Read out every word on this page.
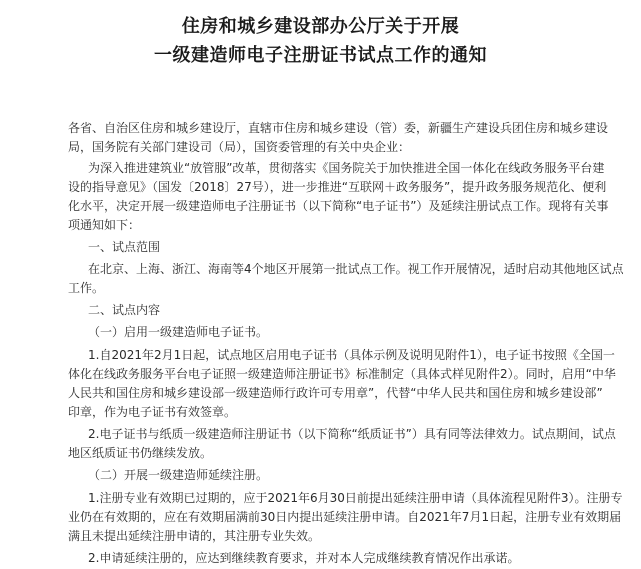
住房和城乡建设部办公厅关于开展
一级建造师电子注册证书试点工作的通知
各省、自治区住房和城乡建设厅，直辖市住房和城乡建设（管）委，新疆生产建设兵团住房和城乡建设
局，国务院有关部门建设司（局），国资委管理的有关中央企业：
为深入推进建筑业“放管服”改革，贯彻落实《国务院关于加快推进全国一体化在线政务服务平台建
设的指导意见》（国发〔2018〕27号），进一步推进“互联网＋政务服务”，提升政务服务规范化、便利
化水平，决定开展一级建造师电子注册证书（以下简称“电子证书”）及延续注册试点工作。现将有关事
项通知如下：
一、试点范围
在北京、上海、浙江、海南等4个地区开展第一批试点工作。视工作开展情况，适时启动其他地区试点
工作。
二、试点内容
（一）启用一级建造师电子证书。
1.自2021年2月1日起，试点地区启用电子证书（具体示例及说明见附件1），电子证书按照《全国一
体化在线政务服务平台电子证照一级建造师注册证书》标准制定（具体式样见附件2）。同时，启用“中华
人民共和国住房和城乡建设部一级建造师行政许可专用章”，代替“中华人民共和国住房和城乡建设部”
印章，作为电子证书有效签章。
2.电子证书与纸质一级建造师注册证书（以下简称“纸质证书”）具有同等法律效力。试点期间，试点
地区纸质证书仍继续发放。
（二）开展一级建造师延续注册。
1.注册专业有效期已过期的，应于2021年6月30日前提出延续注册申请（具体流程见附件3）。注册专
业仍在有效期的，应在有效期届满前30日内提出延续注册申请。自2021年7月1日起，注册专业有效期届
满且未提出延续注册申请的，其注册专业失效。
2.申请延续注册的，应达到继续教育要求，并对本人完成继续教育情况作出承诺。
